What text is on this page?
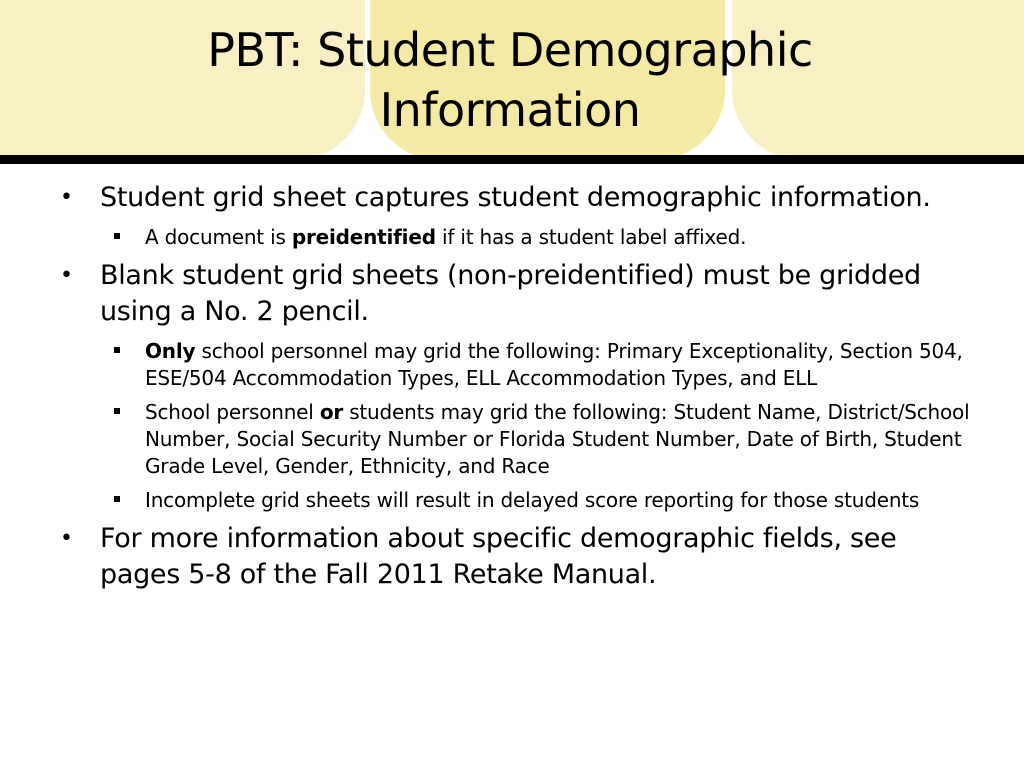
PBT: Student Demographic
Information
• Student grid sheet captures student demographic information.
A document is preidentified if it has a student label affixed.
• Blank student grid sheets (non-preidentified) must be gridded using a No. 2 pencil.
Only school personnel may grid the following: Primary Exceptionality, Section 504, ESE/504 Accommodation Types, ELL Accommodation Types, and ELL
School personnel or students may grid the following: Student Name, District/School Number, Social Security Number or Florida Student Number, Date of Birth, Student Grade Level, Gender, Ethnicity, and Race
Incomplete grid sheets will result in delayed score reporting for those students
• For more information about specific demographic fields, see pages 5-8 of the Fall 2011 Retake Manual.
